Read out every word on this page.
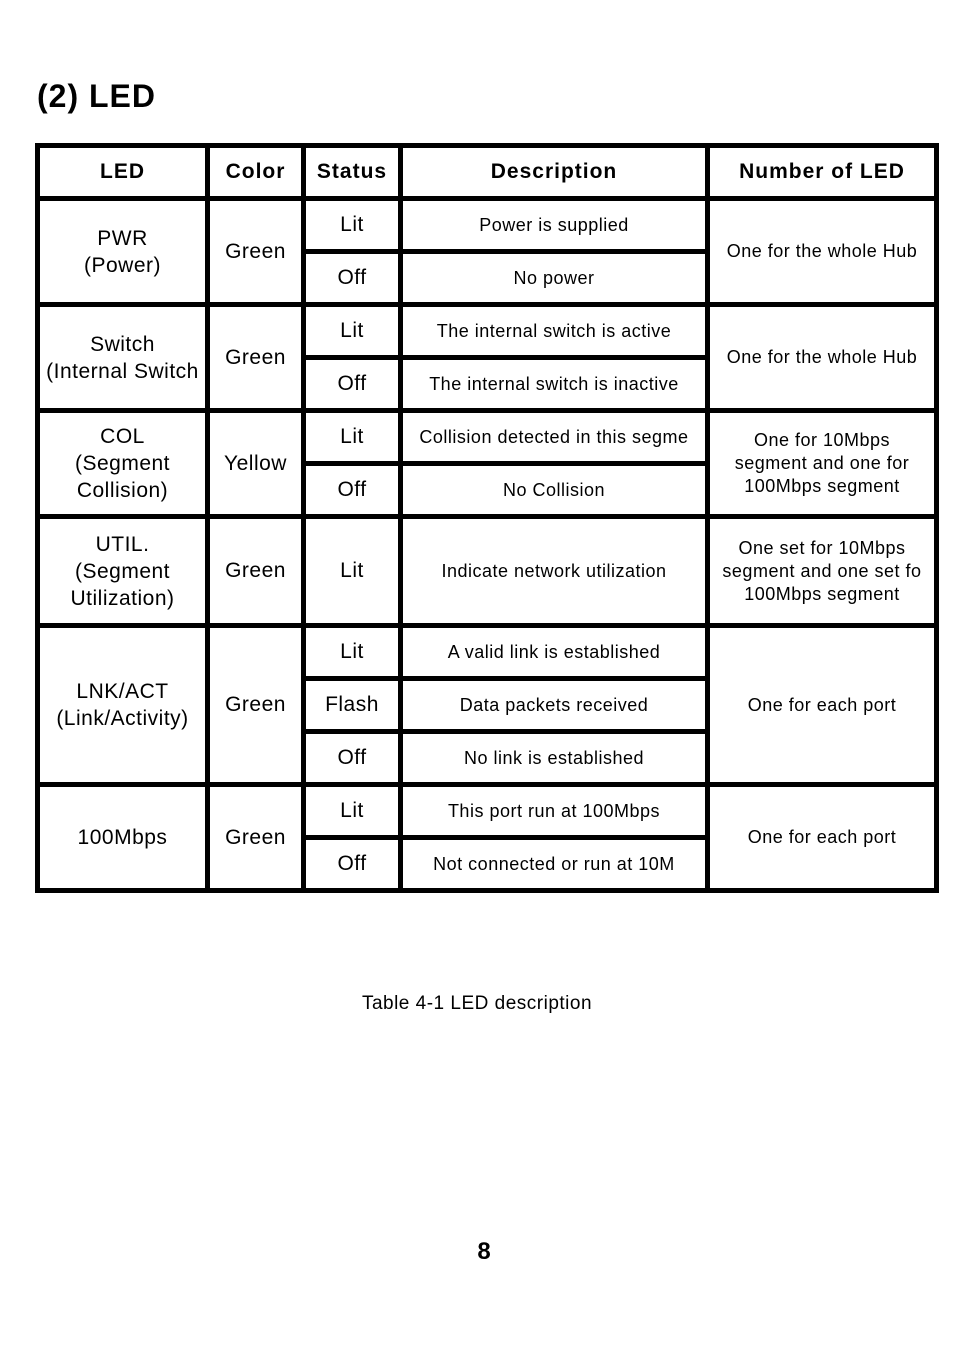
(2) LED
LED	Color	Status	Description	Number of LED

PWR
(Power)	Green	Lit	Power is supplied	One for the whole Hub

		Off	No power	

Switch
(Internal Switch	Green	Lit	The internal switch is active	One for the whole Hub

		Off	The internal switch is inactive	

COL
(Segment
Collision)	Yellow	Lit	Collision detected in this segme	One for 10Mbps
segment and one for
100Mbps segment

		Off	No Collision	

UTIL.
(Segment
Utilization)	Green	Lit	Indicate network utilization	One set for 10Mbps
segment and one set fo
100Mbps segment

LNK/ACT
(Link/Activity)	Green	Lit	A valid link is established	One for each port

		Flash	Data packets received	
		Off	No link is established	

100Mbps	Green	Lit	This port run at 100Mbps	One for each port

		Off	Not connected or run at 10M	
Table 4-1 LED description
8
